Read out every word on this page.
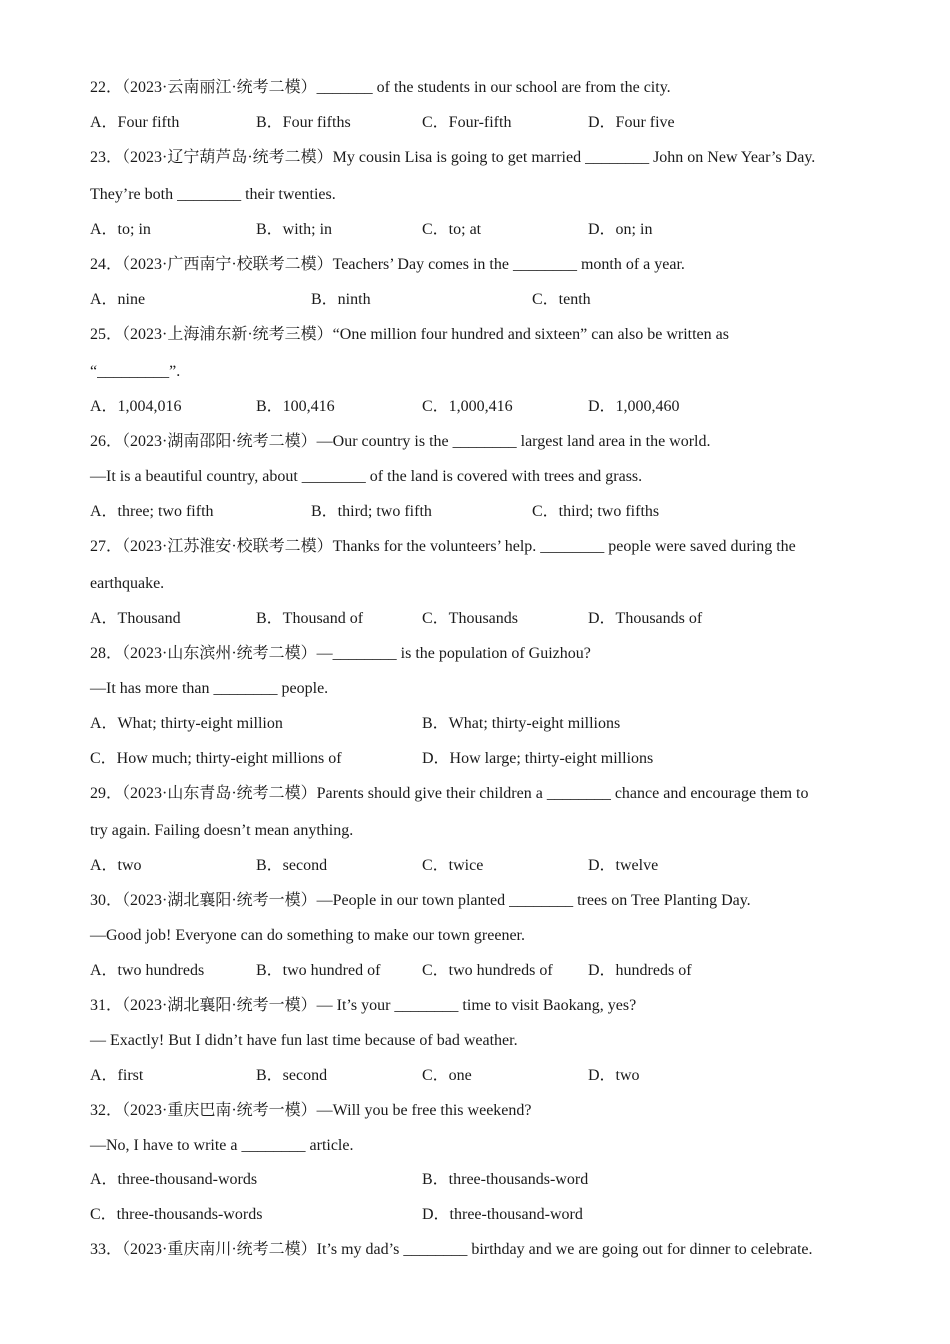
22．（2023·云南丽江·统考二模）_______ of the students in our school are from the city.
A．Four fifth	B．Four fifths	C．Four-fifth	D．Four five
23．（2023·辽宁葫芦岛·统考二模）My cousin Lisa is going to get married ________ John on New Year’s Day.
They’re both ________ their twenties.
A．to; in	B．with; in	C．to; at	D．on; in
24．（2023·广西南宁·校联考二模）Teachers’ Day comes in the ________ month of a year.
A．nine	B．ninth	C．tenth
25．（2023·上海浦东新·统考三模）“One million four hundred and sixteen” can also be written as
“_________”.
A．1,004,016	B．100,416	C．1,000,416	D．1,000,460
26．（2023·湖南邵阳·统考二模）—Our country is the ________ largest land area in the world.
—It is a beautiful country, about ________ of the land is covered with trees and grass.
A．three; two fifth	B．third; two fifth	C．third; two fifths
27．（2023·江苏淮安·校联考二模）Thanks for the volunteers’ help. ________ people were saved during the
earthquake.
A．Thousand	B．Thousand of	C．Thousands	D．Thousands of
28．（2023·山东滨州·统考二模）—________ is the population of Guizhou?
—It has more than ________ people.
A．What; thirty-eight million	B．What; thirty-eight millions
C．How much; thirty-eight millions of	D．How large; thirty-eight millions
29．（2023·山东青岛·统考二模）Parents should give their children a ________ chance and encourage them to
try again. Failing doesn’t mean anything.
A．two	B．second	C．twice	D．twelve
30．（2023·湖北襄阳·统考一模）—People in our town planted ________ trees on Tree Planting Day.
—Good job! Everyone can do something to make our town greener.
A．two hundreds	B．two hundred of	C．two hundreds of D．hundreds of
31．（2023·湖北襄阳·统考一模）— It’s your ________ time to visit Baokang, yes?
— Exactly! But I didn’t have fun last time because of bad weather.
A．first	B．second	C．one	D．two
32．（2023·重庆巴南·统考一模）—Will you be free this weekend?
—No, I have to write a ________ article.
A．three-thousand-words	B．three-thousands-word
C．three-thousands-words	D．three-thousand-word
33．（2023·重庆南川·统考二模）It’s my dad’s ________ birthday and we are going out for dinner to celebrate.
